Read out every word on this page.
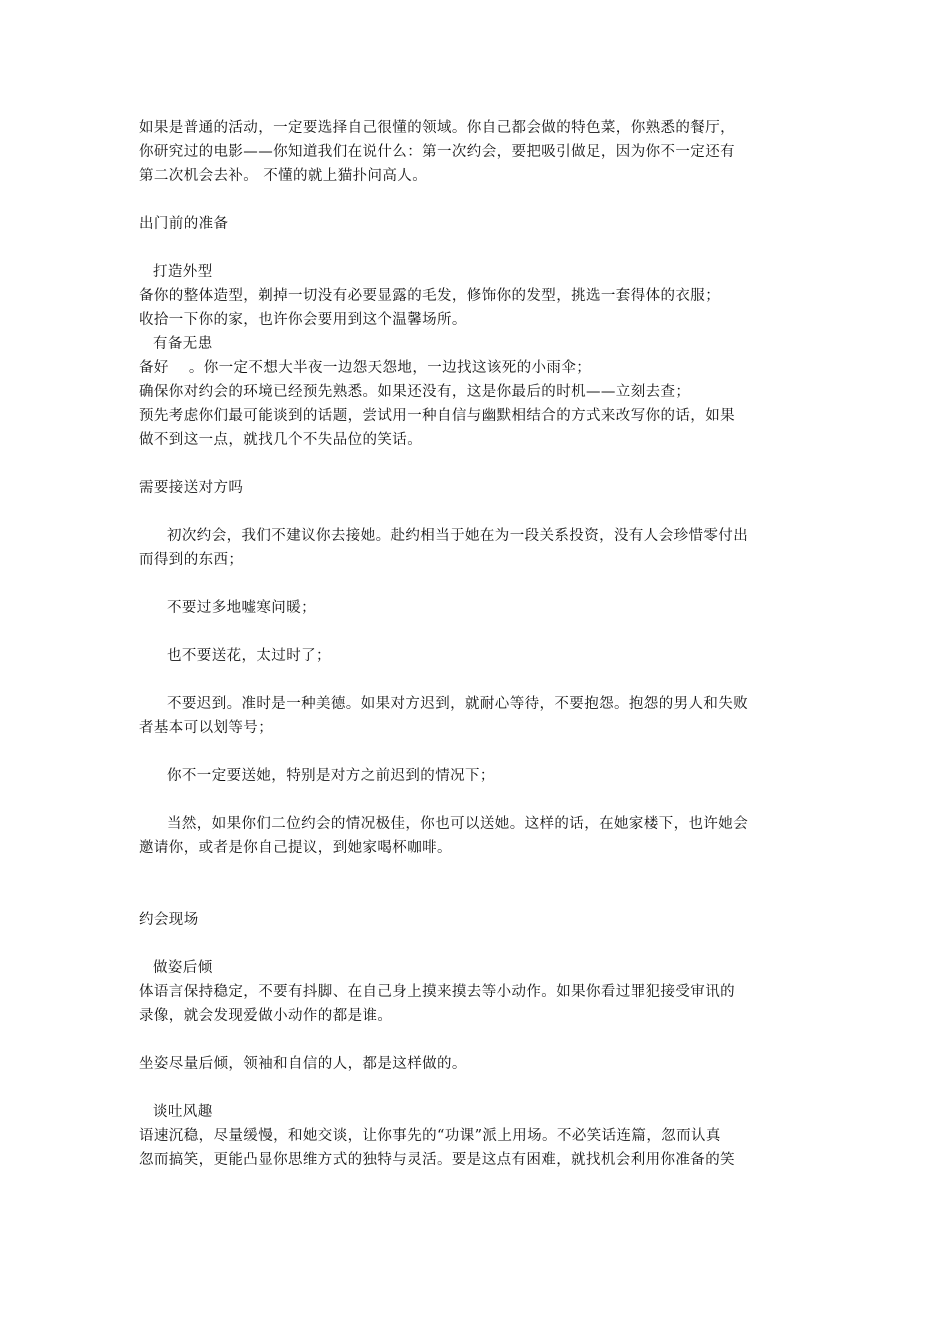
如果是普通的活动，一定要选择自己很懂的领域。你自己都会做的特色菜，你熟悉的餐厅，
你研究过的电影——你知道我们在说什么：第一次约会，要把吸引做足，因为你不一定还有
第二次机会去补。 不懂的就上猫扑问高人。
出门前的准备
打造外型
备你的整体造型，剃掉一切没有必要显露的毛发，修饰你的发型，挑选一套得体的衣服；
收拾一下你的家，也许你会要用到这个温馨场所。
有备无患
备好    。你一定不想大半夜一边怨天怨地，一边找这该死的小雨伞；
确保你对约会的环境已经预先熟悉。如果还没有，这是你最后的时机——立刻去查；
预先考虑你们最可能谈到的话题，尝试用一种自信与幽默相结合的方式来改写你的话，如果
做不到这一点，就找几个不失品位的笑话。
需要接送对方吗
初次约会，我们不建议你去接她。赴约相当于她在为一段关系投资，没有人会珍惜零付出
而得到的东西；
不要过多地嘘寒问暖；
也不要送花，太过时了；
不要迟到。准时是一种美德。如果对方迟到，就耐心等待，不要抱怨。抱怨的男人和失败
者基本可以划等号；
你不一定要送她，特别是对方之前迟到的情况下；
当然，如果你们二位约会的情况极佳，你也可以送她。这样的话，在她家楼下，也许她会
邀请你，或者是你自己提议，到她家喝杯咖啡。
约会现场
做姿后倾
体语言保持稳定，不要有抖脚、在自己身上摸来摸去等小动作。如果你看过罪犯接受审讯的
录像，就会发现爱做小动作的都是谁。
坐姿尽量后倾，领袖和自信的人，都是这样做的。
谈吐风趣
语速沉稳，尽量缓慢，和她交谈，让你事先的“功课”派上用场。不必笑话连篇，忽而认真
忽而搞笑，更能凸显你思维方式的独特与灵活。要是这点有困难，就找机会利用你准备的笑
